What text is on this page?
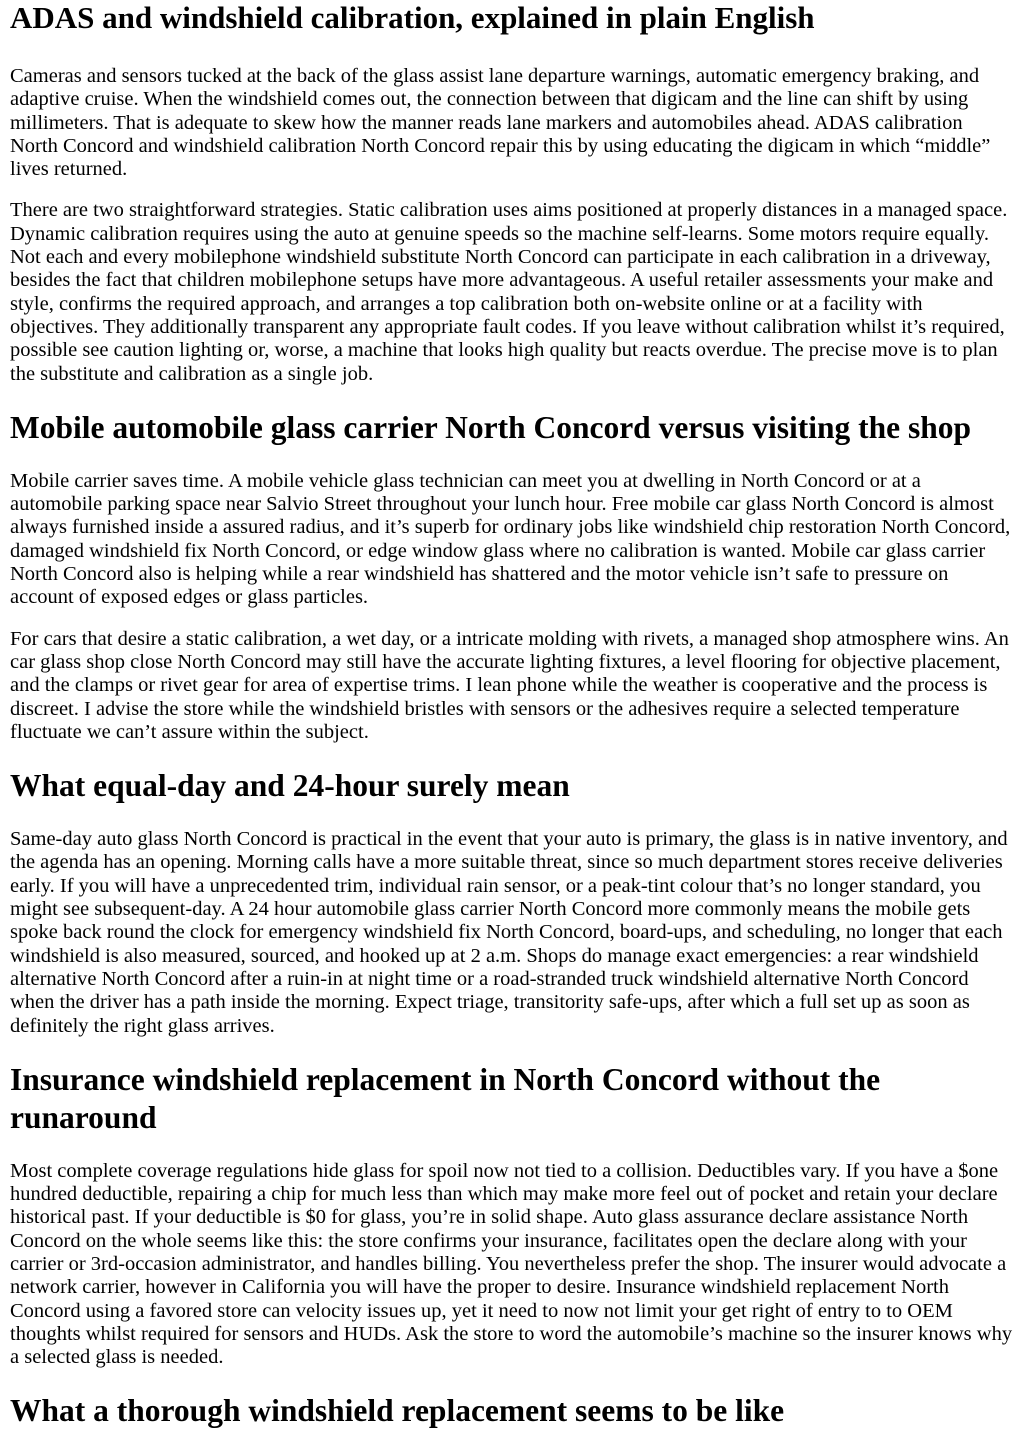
ADAS and windshield calibration, explained in plain English

Cameras and sensors tucked at the back of the glass assist lane departure warnings, automatic emergency braking, and adaptive cruise. When the windshield comes out, the connection between that digicam and the line can shift by using millimeters. That is adequate to skew how the manner reads lane markers and automobiles ahead. ADAS calibration North Concord and windshield calibration North Concord repair this by using educating the digicam in which “middle” lives returned.

There are two straightforward strategies. Static calibration uses aims positioned at properly distances in a managed space. Dynamic calibration requires using the auto at genuine speeds so the machine self-learns. Some motors require equally. Not each and every mobilephone windshield substitute North Concord can participate in each calibration in a driveway, besides the fact that children mobilephone setups have more advantageous. A useful retailer assessments your make and style, confirms the required approach, and arranges a top calibration both on-website online or at a facility with objectives. They additionally transparent any appropriate fault codes. If you leave without calibration whilst it’s required, possible see caution lighting or, worse, a machine that looks high quality but reacts overdue. The precise move is to plan the substitute and calibration as a single job.

Mobile automobile glass carrier North Concord versus visiting the shop

Mobile carrier saves time. A mobile vehicle glass technician can meet you at dwelling in North Concord or at a automobile parking space near Salvio Street throughout your lunch hour. Free mobile car glass North Concord is almost always furnished inside a assured radius, and it’s superb for ordinary jobs like windshield chip restoration North Concord, damaged windshield fix North Concord, or edge window glass where no calibration is wanted. Mobile car glass carrier North Concord also is helping while a rear windshield has shattered and the motor vehicle isn’t safe to pressure on account of exposed edges or glass particles.

For cars that desire a static calibration, a wet day, or a intricate molding with rivets, a managed shop atmosphere wins. An car glass shop close North Concord may still have the accurate lighting fixtures, a level flooring for objective placement, and the clamps or rivet gear for area of expertise trims. I lean phone while the weather is cooperative and the process is discreet. I advise the store while the windshield bristles with sensors or the adhesives require a selected temperature fluctuate we can’t assure within the subject.

What equal-day and 24-hour surely mean

Same-day auto glass North Concord is practical in the event that your auto is primary, the glass is in native inventory, and the agenda has an opening. Morning calls have a more suitable threat, since so much department stores receive deliveries early. If you will have a unprecedented trim, individual rain sensor, or a peak-tint colour that’s no longer standard, you might see subsequent-day. A 24 hour automobile glass carrier North Concord more commonly means the mobile gets spoke back round the clock for emergency windshield fix North Concord, board-ups, and scheduling, no longer that each windshield is also measured, sourced, and hooked up at 2 a.m. Shops do manage exact emergencies: a rear windshield alternative North Concord after a ruin-in at night time or a road-stranded truck windshield alternative North Concord when the driver has a path inside the morning. Expect triage, transitority safe-ups, after which a full set up as soon as definitely the right glass arrives.

Insurance windshield replacement in North Concord without the runaround

Most complete coverage regulations hide glass for spoil now not tied to a collision. Deductibles vary. If you have a $one hundred deductible, repairing a chip for much less than which may make more feel out of pocket and retain your declare historical past. If your deductible is $0 for glass, you’re in solid shape. Auto glass assurance declare assistance North Concord on the whole seems like this: the store confirms your insurance, facilitates open the declare along with your carrier or 3rd-occasion administrator, and handles billing. You nevertheless prefer the shop. The insurer would advocate a network carrier, however in California you will have the proper to desire. Insurance windshield replacement North Concord using a favored store can velocity issues up, yet it need to now not limit your get right of entry to to OEM thoughts whilst required for sensors and HUDs. Ask the store to word the automobile’s machine so the insurer knows why a selected glass is needed.

What a thorough windshield replacement seems to be like
